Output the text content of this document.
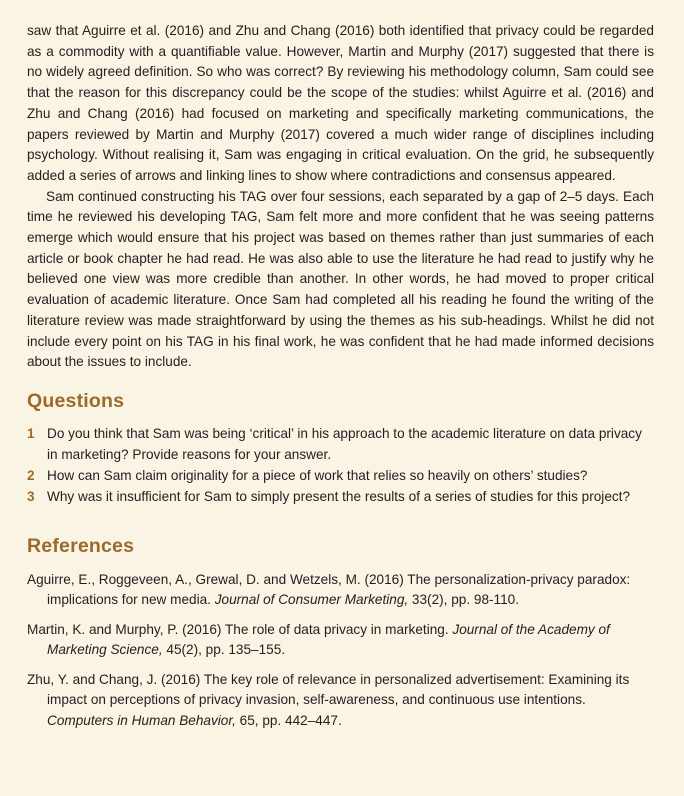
saw that Aguirre et al. (2016) and Zhu and Chang (2016) both identified that privacy could be regarded as a commodity with a quantifiable value. However, Martin and Murphy (2017) suggested that there is no widely agreed definition. So who was correct? By reviewing his methodology column, Sam could see that the reason for this discrepancy could be the scope of the studies: whilst Aguirre et al. (2016) and Zhu and Chang (2016) had focused on marketing and specifically marketing communications, the papers reviewed by Martin and Murphy (2017) covered a much wider range of disciplines including psychology. Without realising it, Sam was engaging in critical evaluation. On the grid, he subsequently added a series of arrows and linking lines to show where contradictions and consensus appeared.

Sam continued constructing his TAG over four sessions, each separated by a gap of 2–5 days. Each time he reviewed his developing TAG, Sam felt more and more confident that he was seeing patterns emerge which would ensure that his project was based on themes rather than just summaries of each article or book chapter he had read. He was also able to use the literature he had read to justify why he believed one view was more credible than another. In other words, he had moved to proper critical evaluation of academic literature. Once Sam had completed all his reading he found the writing of the literature review was made straightforward by using the themes as his sub-headings. Whilst he did not include every point on his TAG in his final work, he was confident that he had made informed decisions about the issues to include.

Questions
1 Do you think that Sam was being ‘critical’ in his approach to the academic literature on data privacy in marketing? Provide reasons for your answer.
2 How can Sam claim originality for a piece of work that relies so heavily on others’ studies?
3 Why was it insufficient for Sam to simply present the results of a series of studies for this project?
References

Aguirre, E., Roggeveen, A., Grewal, D. and Wetzels, M. (2016) The personalization-privacy paradox: implications for new media. Journal of Consumer Marketing, 33(2), pp. 98-110.

Martin, K. and Murphy, P. (2016) The role of data privacy in marketing. Journal of the Academy of Marketing Science, 45(2), pp. 135–155.

Zhu, Y. and Chang, J. (2016) The key role of relevance in personalized advertisement: Examining its impact on perceptions of privacy invasion, self-awareness, and continuous use intentions. Computers in Human Behavior, 65, pp. 442–447.
